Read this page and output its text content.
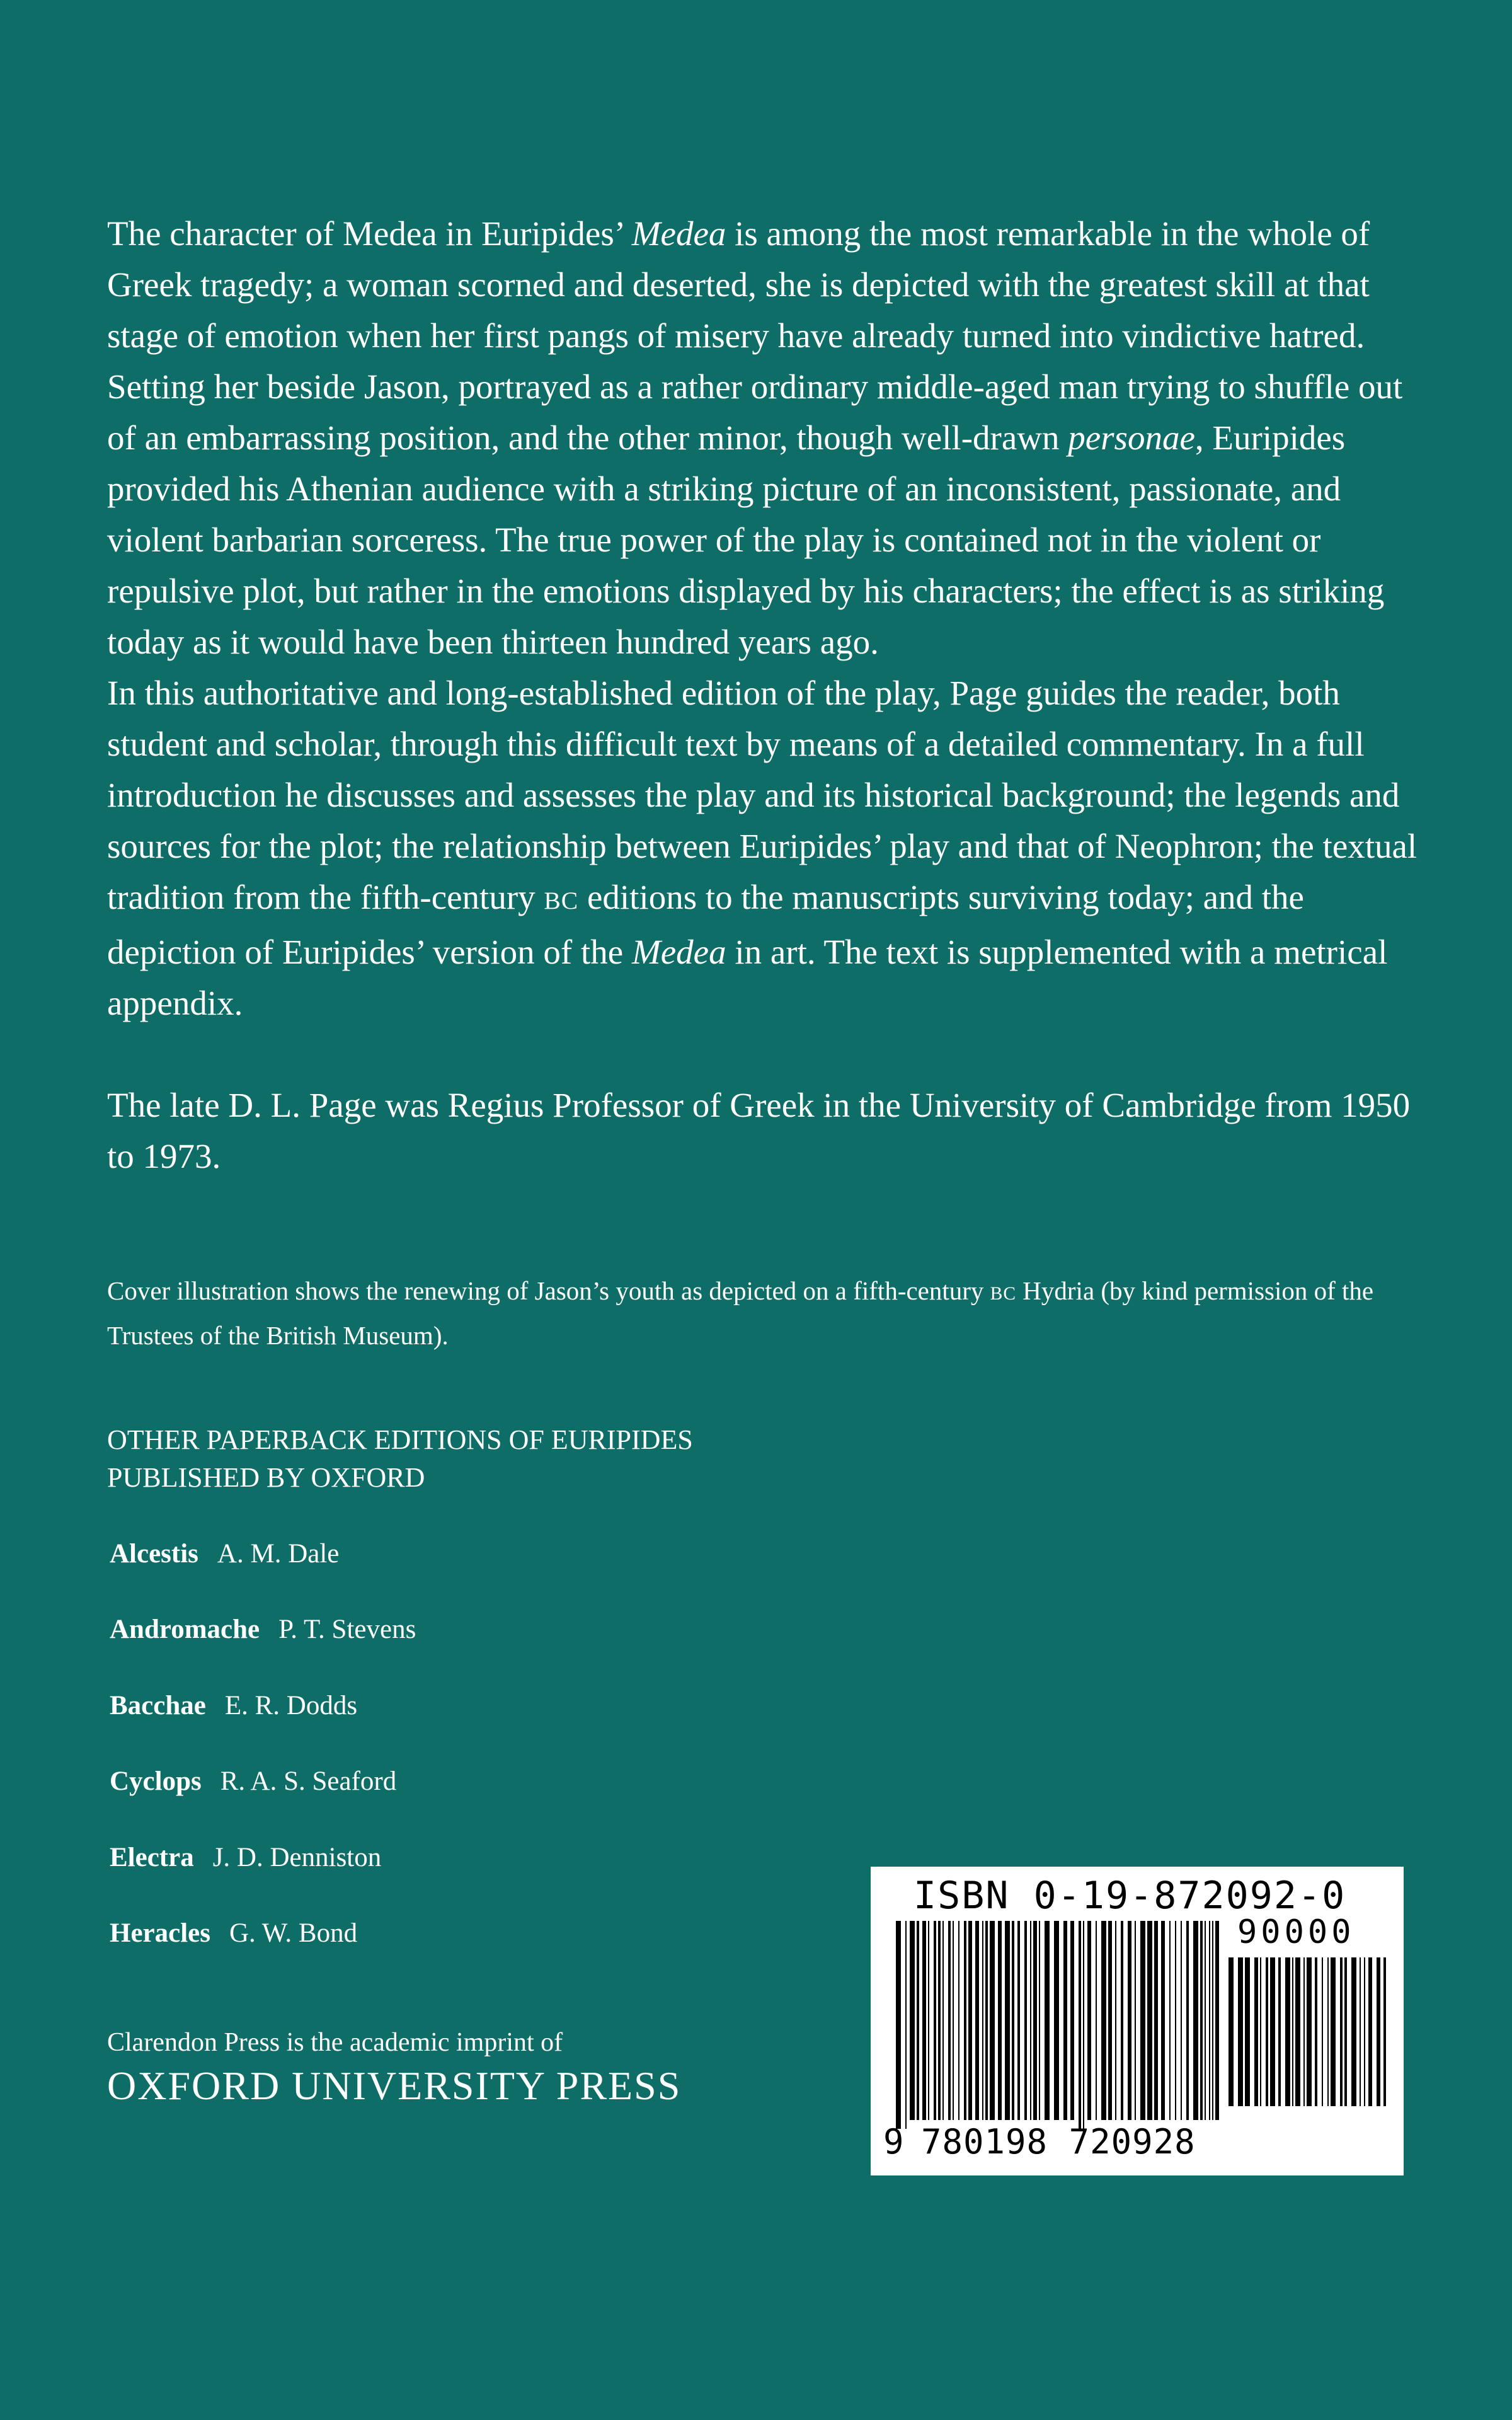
The character of Medea in Euripides’ Medea is among the most remarkable in the whole of Greek tragedy; a woman scorned and deserted, she is depicted with the greatest skill at that stage of emotion when her first pangs of misery have already turned into vindictive hatred. Setting her beside Jason, portrayed as a rather ordinary middle-aged man trying to shuffle out of an embarrassing position, and the other minor, though well-drawn personae, Euripides provided his Athenian audience with a striking picture of an inconsistent, passionate, and violent barbarian sorceress. The true power of the play is contained not in the violent or repulsive plot, but rather in the emotions displayed by his characters; the effect is as striking today as it would have been thirteen hundred years ago.

In this authoritative and long-established edition of the play, Page guides the reader, both student and scholar, through this difficult text by means of a detailed commentary. In a full introduction he discusses and assesses the play and its historical background; the legends and sources for the plot; the relationship between Euripides’ play and that of Neophron; the textual tradition from the fifth-century BC editions to the manuscripts surviving today; and the depiction of Euripides’ version of the Medea in art. The text is supplemented with a metrical appendix.

The late D. L. Page was Regius Professor of Greek in the University of Cambridge from 1950 to 1973.

Cover illustration shows the renewing of Jason’s youth as depicted on a fifth-century BC Hydria (by kind permission of the Trustees of the British Museum).

OTHER PAPERBACK EDITIONS OF EURIPIDES

PUBLISHED BY OXFORD

Alcestis A. M. Dale
Andromache P. T. Stevens
Bacchae E. R. Dodds
Cyclops R. A. S. Seaford
Electra J. D. Denniston
Heracles G. W. Bond
Clarendon Press is the academic imprint of
OXFORD UNIVERSITY PRESS
ISBN 0-19-872092-0
90000
9 780198 720928
